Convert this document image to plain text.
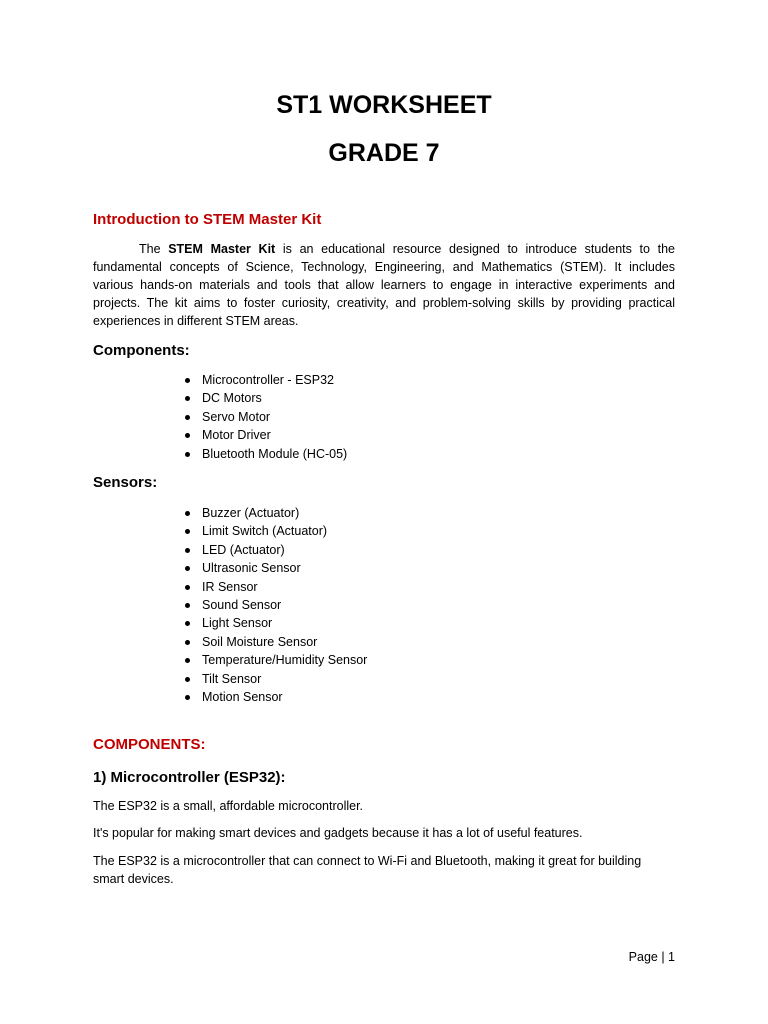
ST1 WORKSHEET
GRADE 7
Introduction to STEM Master Kit

The STEM Master Kit is an educational resource designed to introduce students to the fundamental concepts of Science, Technology, Engineering, and Mathematics (STEM). It includes various hands-on materials and tools that allow learners to engage in interactive experiments and projects. The kit aims to foster curiosity, creativity, and problem-solving skills by providing practical experiences in different STEM areas.

Components:
Microcontroller - ESP32
DC Motors
Servo Motor
Motor Driver
Bluetooth Module (HC-05)
Sensors:
Buzzer (Actuator)
Limit Switch (Actuator)
LED (Actuator)
Ultrasonic Sensor
IR Sensor
Sound Sensor
Light Sensor
Soil Moisture Sensor
Temperature/Humidity Sensor
Tilt Sensor
Motion Sensor
COMPONENTS:
1) Microcontroller (ESP32):

The ESP32 is a small, affordable microcontroller.

It's popular for making smart devices and gadgets because it has a lot of useful features.

The ESP32 is a microcontroller that can connect to Wi-Fi and Bluetooth, making it great for building smart devices.

Page | 1
